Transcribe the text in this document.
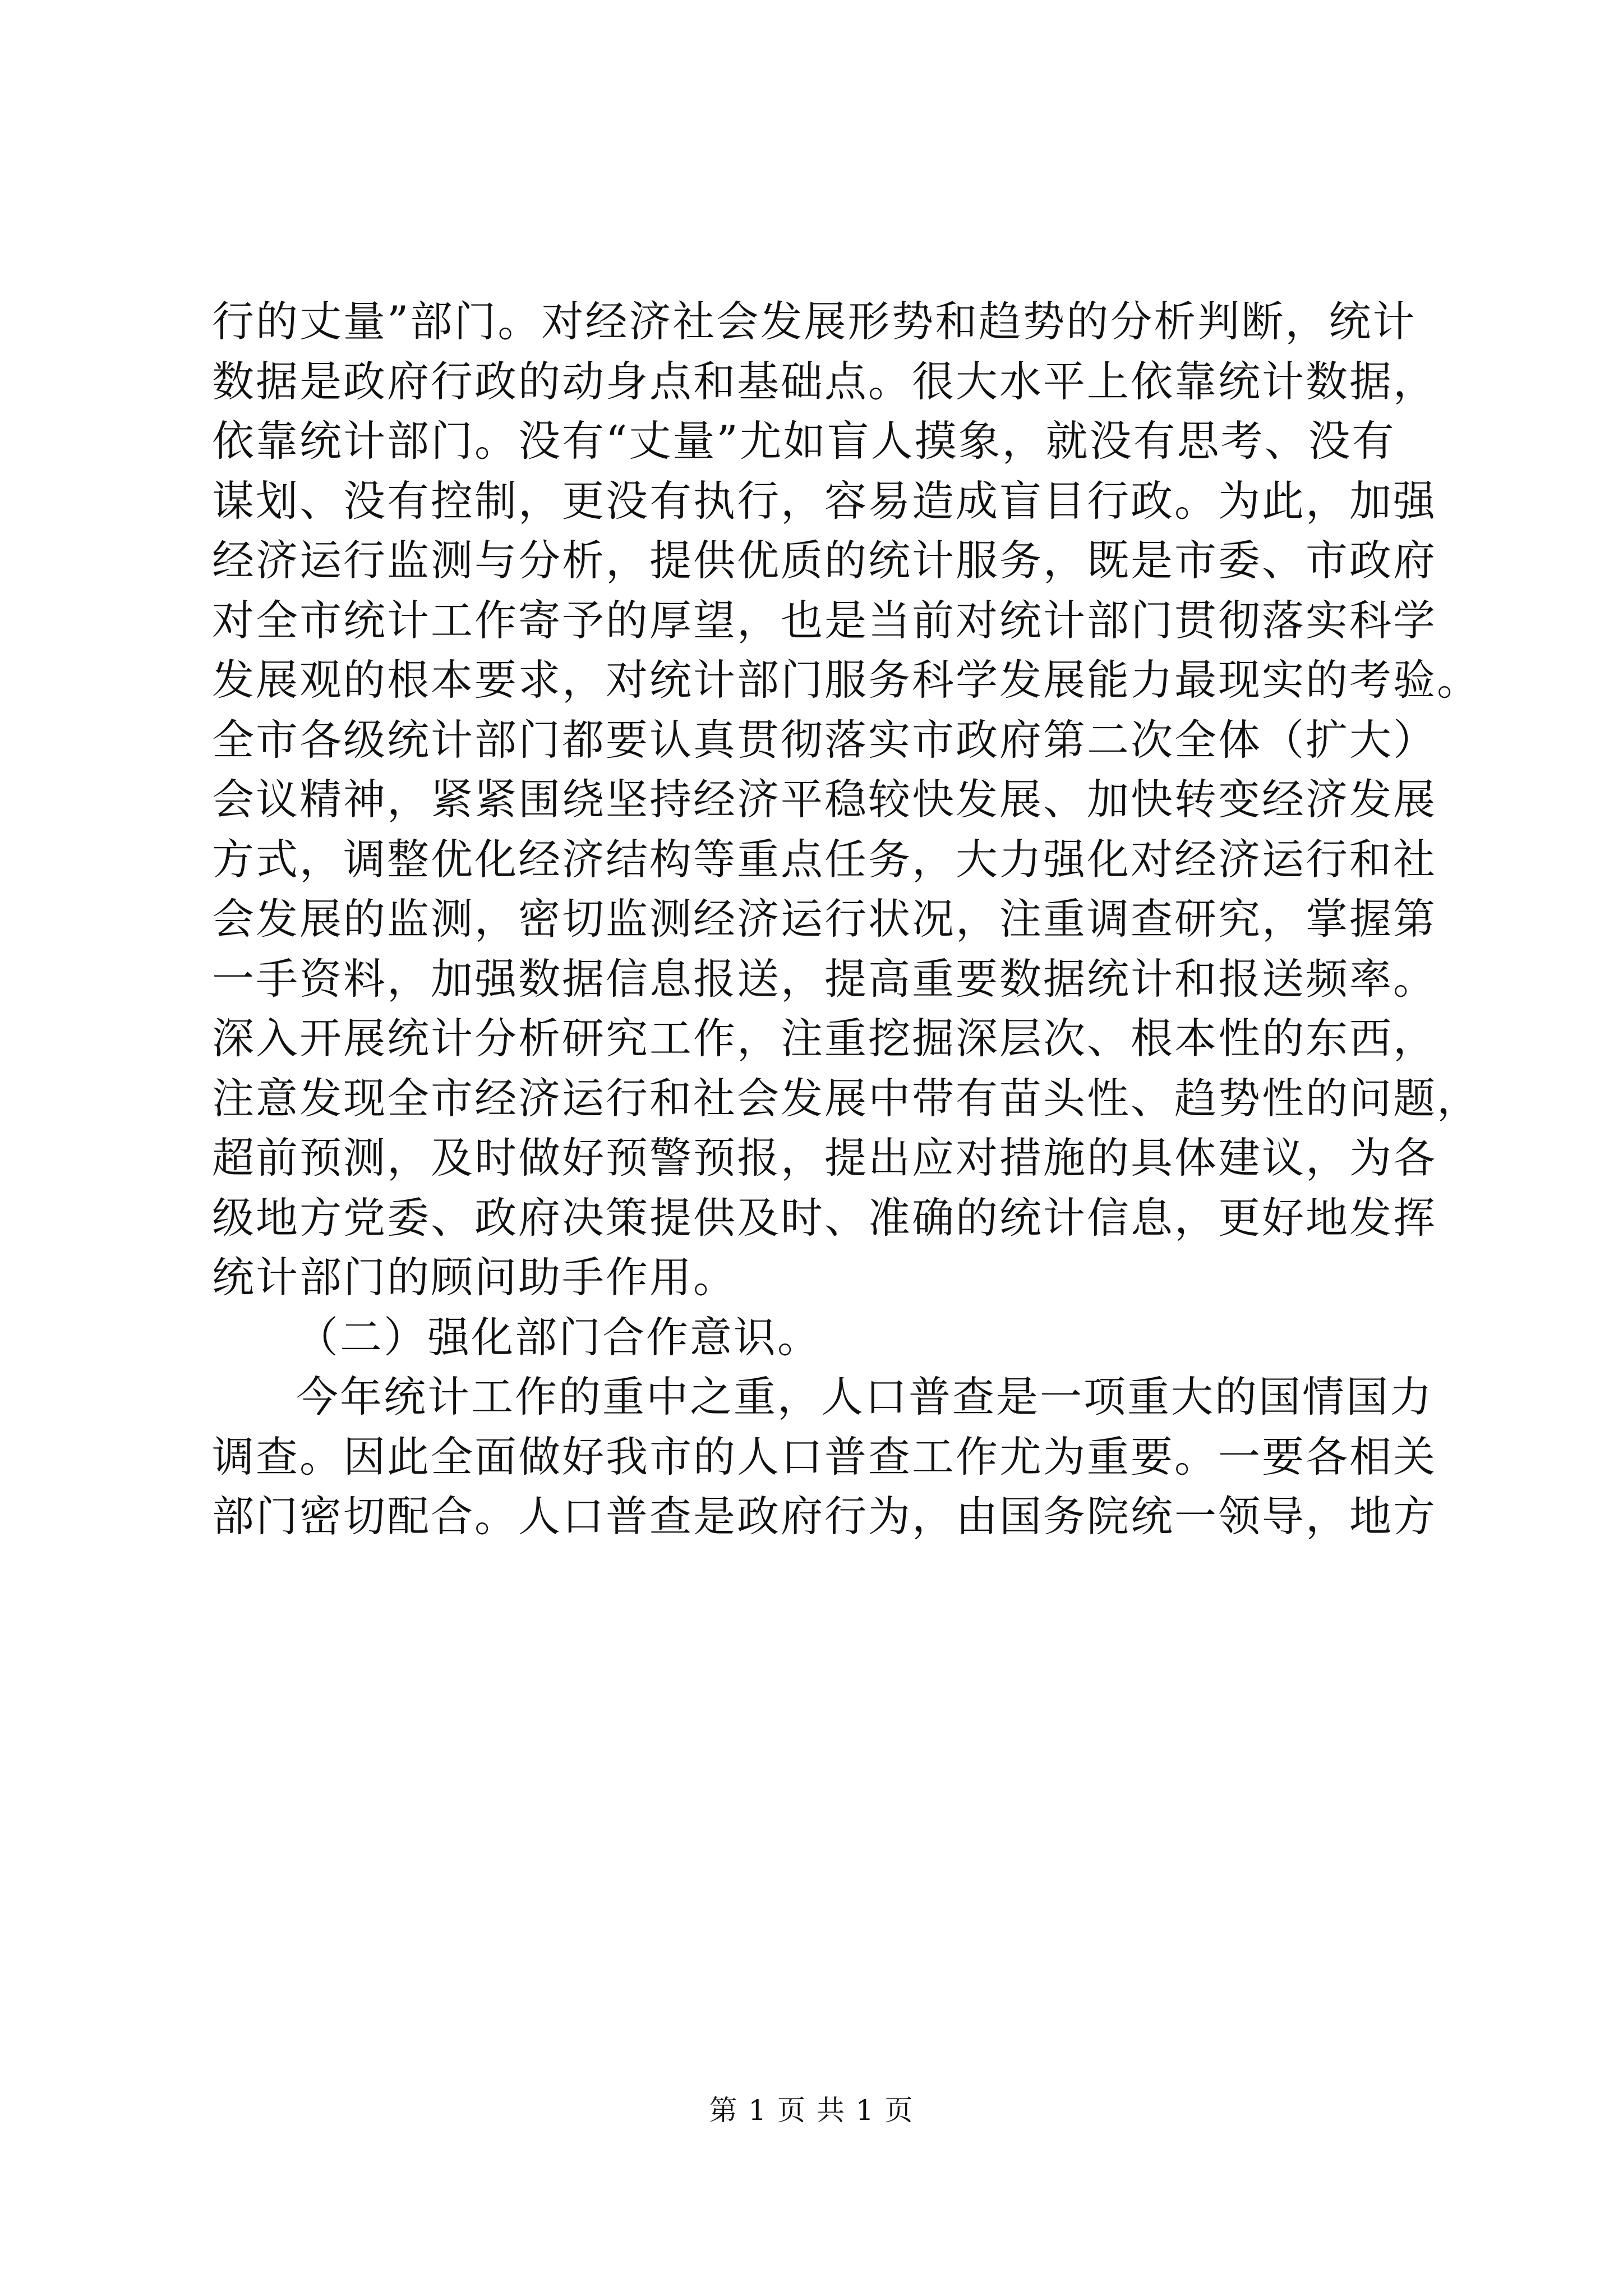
行的丈量”部门。对经济社会发展形势和趋势的分析判断，统计
数据是政府行政的动身点和基础点。很大水平上依靠统计数据，
依靠统计部门。没有“丈量”尤如盲人摸象，就没有思考、没有
谋划、没有控制，更没有执行，容易造成盲目行政。为此，加强
经济运行监测与分析，提供优质的统计服务，既是市委、市政府
对全市统计工作寄予的厚望，也是当前对统计部门贯彻落实科学
发展观的根本要求，对统计部门服务科学发展能力最现实的考验。
全市各级统计部门都要认真贯彻落实市政府第二次全体（扩大）
会议精神，紧紧围绕坚持经济平稳较快发展、加快转变经济发展
方式，调整优化经济结构等重点任务，大力强化对经济运行和社
会发展的监测，密切监测经济运行状况，注重调查研究，掌握第
一手资料，加强数据信息报送，提高重要数据统计和报送频率。
深入开展统计分析研究工作，注重挖掘深层次、根本性的东西，
注意发现全市经济运行和社会发展中带有苗头性、趋势性的问题，
超前预测，及时做好预警预报，提出应对措施的具体建议，为各
级地方党委、政府决策提供及时、准确的统计信息，更好地发挥
统计部门的顾问助手作用。
（二）强化部门合作意识。
今年统计工作的重中之重，人口普查是一项重大的国情国力
调查。因此全面做好我市的人口普查工作尤为重要。一要各相关
部门密切配合。人口普查是政府行为，由国务院统一领导，地方
第 1 页 共 1 页
